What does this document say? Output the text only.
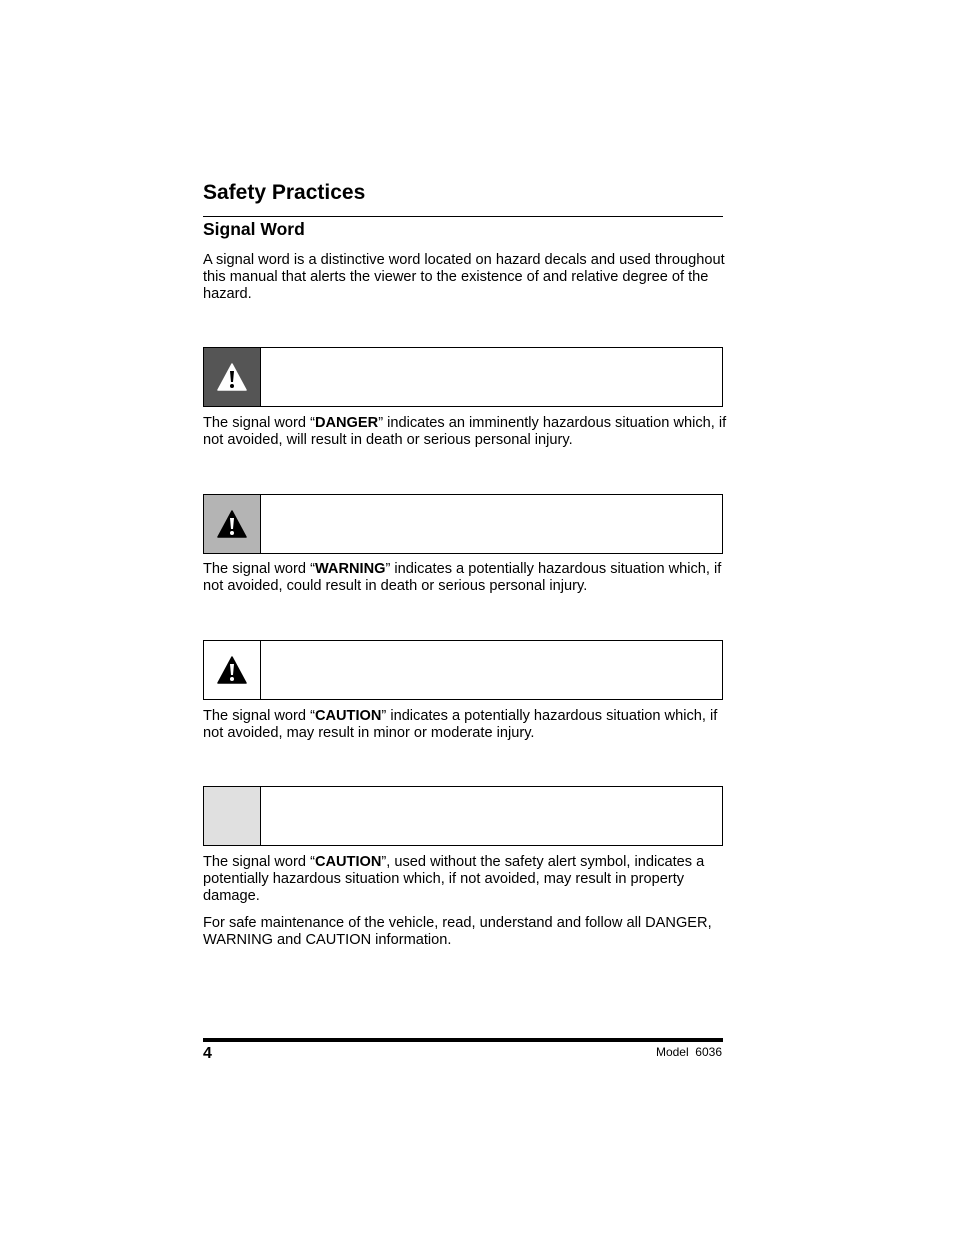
Safety Practices
Signal Word

A signal word is a distinctive word located on hazard decals and used throughout this manual that alerts the viewer to the existence of and relative degree of the hazard.

The signal word “DANGER” indicates an imminently hazardous situation which, if not avoided, will result in death or serious personal injury.

The signal word “WARNING” indicates a potentially hazardous situation which, if not avoided, could result in death or serious personal injury.

The signal word “CAUTION” indicates a potentially hazardous situation which, if not avoided, may result in minor or moderate injury.

The signal word “CAUTION”, used without the safety alert symbol, indicates a potentially hazardous situation which, if not avoided, may result in property damage.

For safe maintenance of the vehicle, read, understand and follow all DANGER, WARNING and CAUTION information.

4	Model  6036
